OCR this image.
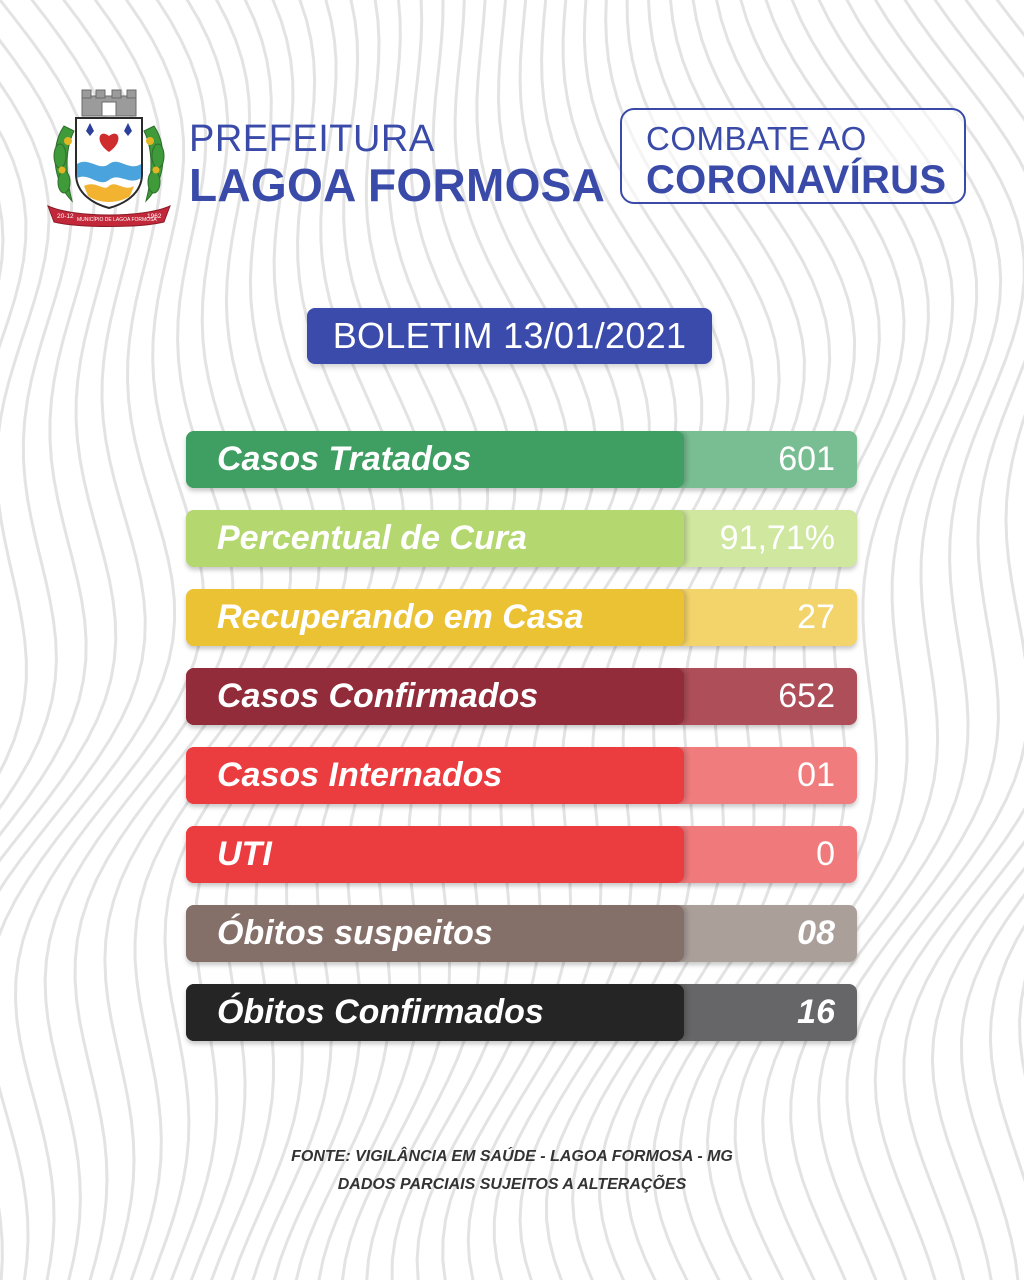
20-12 MUNICÍPIO DE LAGOA FORMOSA
1962
PREFEITURA
LAGOA FORMOSA
COMBATE AO
CORONAVÍRUS
BOLETIM 13/01/2021
Casos Tratados	601
Percentual de Cura	91,71%
Recuperando em Casa	27
Casos Confirmados	652
Casos Internados	01
UTI	0
Óbitos suspeitos	08
Óbitos Confirmados	16
FONTE: VIGILÂNCIA EM SAÚDE - LAGOA FORMOSA - MG
DADOS PARCIAIS SUJEITOS A ALTERAÇÕES
